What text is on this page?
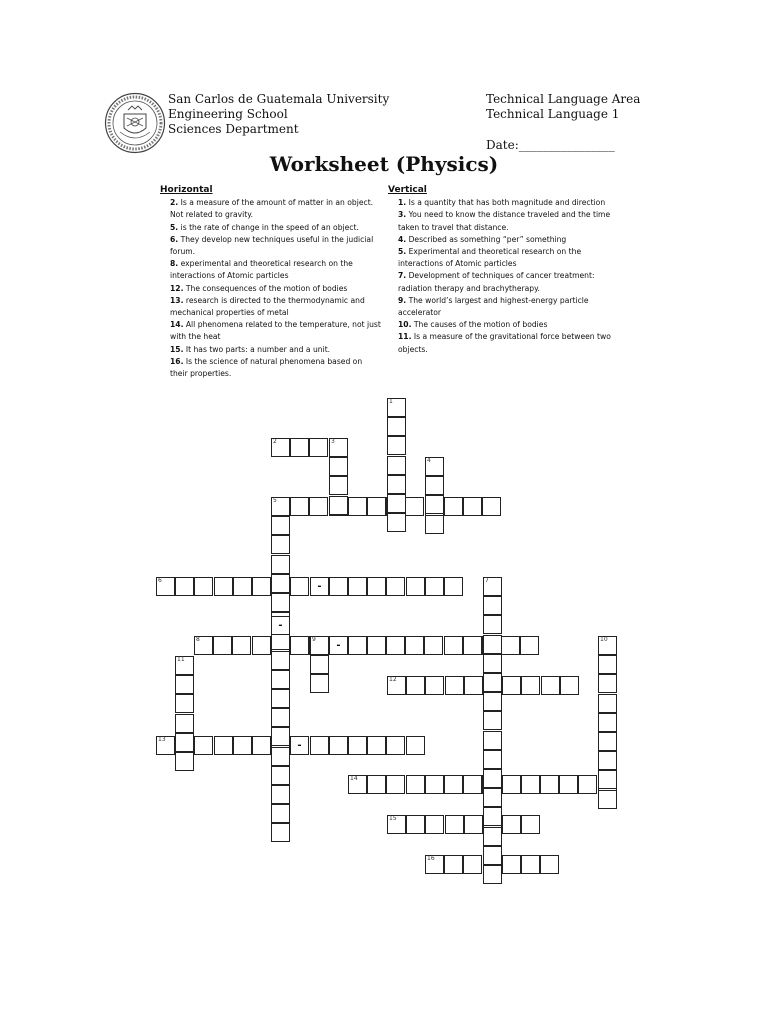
San Carlos de Guatemala University
Engineering School
Sciences Department
Technical Language Area
Technical Language 1
Date:________________
Worksheet (Physics)
Horizontal
2. Is a measure of the amount of matter in an object. Not related to gravity.
5. is the rate of change in the speed of an object.
6. They develop new techniques useful in the judicial forum.
8. experimental and theoretical research on the interactions of Atomic particles
12. The consequences of the motion of bodies
13. research is directed to the thermodynamic and mechanical properties of metal
14. All phenomena related to the temperature, not just with the heat
15. It has two parts: a number and a unit.
16. Is the science of natural phenomena based on their properties.
Vertical
1. Is a quantity that has both magnitude and direction
3. You need to know the distance traveled and the time taken to travel that distance.
4. Described as something “per” something
5. Experimental and theoretical research on the interactions of Atomic particles
7. Development of techniques of cancer treatment: radiation therapy and brachytherapy.
9. The world’s largest and highest-energy particle accelerator
10. The causes of the motion of bodies
11. Is a measure of the gravitational force between two objects.
2	3
5
6
-
8
12
13
-
14
15
16
1
4
7
9	10
11
-
-
